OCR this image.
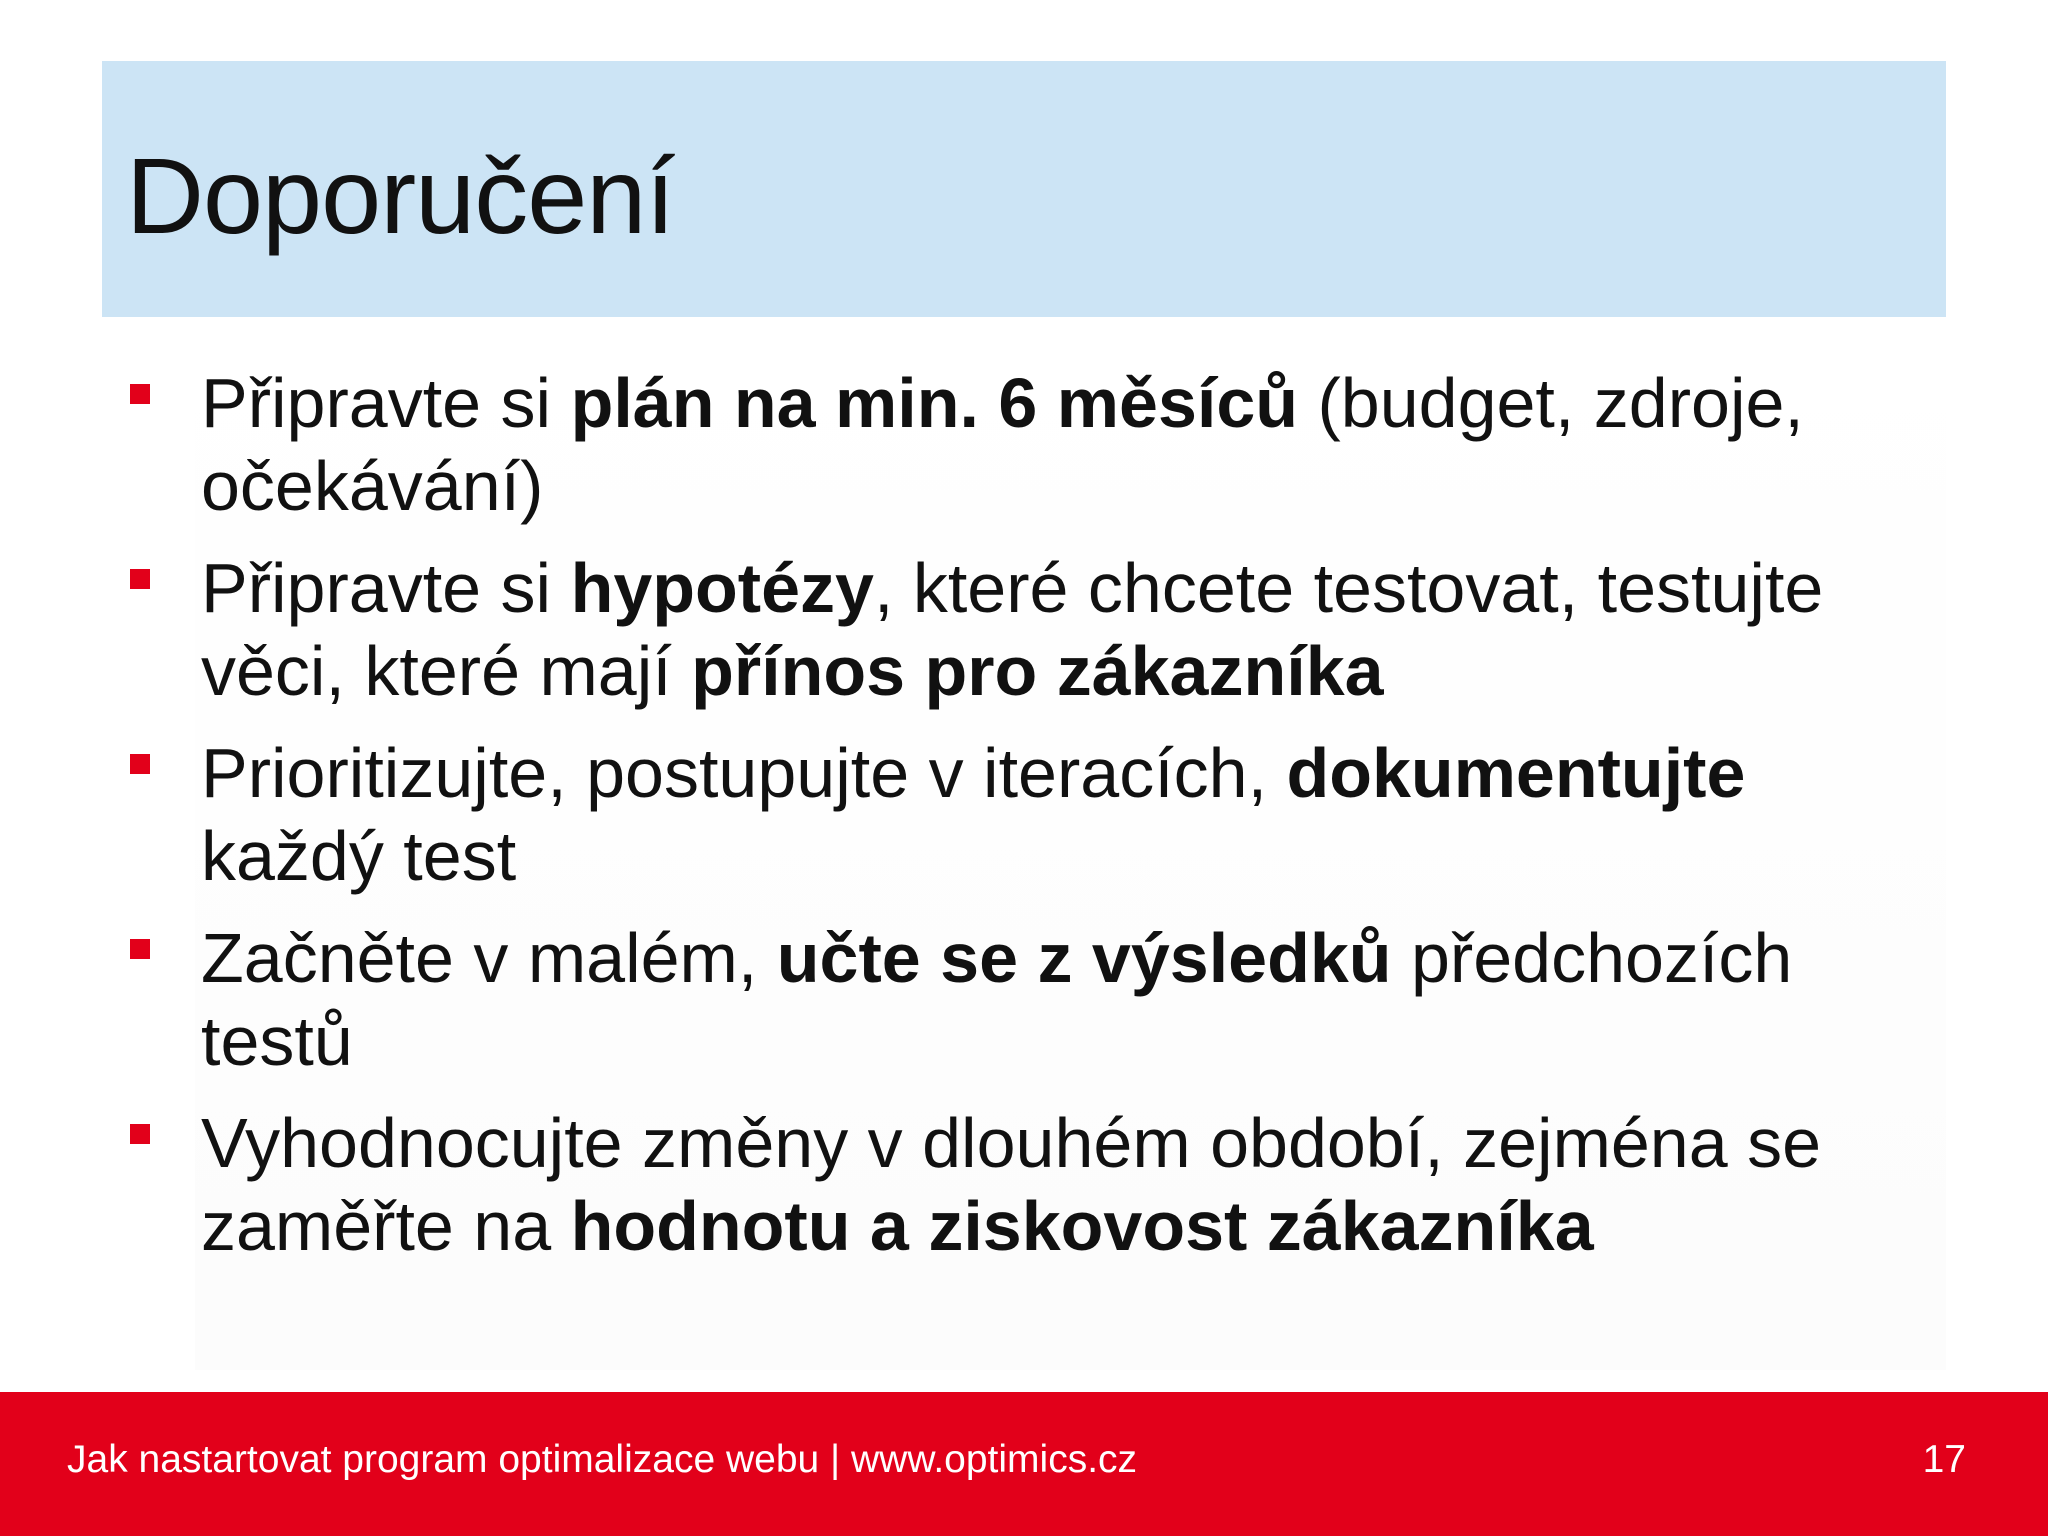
Doporučení
Připravte si plán na min. 6 měsíců (budget, zdroje, očekávání)
Připravte si hypotézy, které chcete testovat, testujte věci, které mají přínos pro zákazníka
Prioritizujte, postupujte v iteracích, dokumentujte každý test
Začněte v malém, učte se z výsledků předchozích testů
Vyhodnocujte změny v dlouhém období, zejména se zaměřte na hodnotu a ziskovost zákazníka
Jak nastartovat program optimalizace webu | www.optimics.cz	17
